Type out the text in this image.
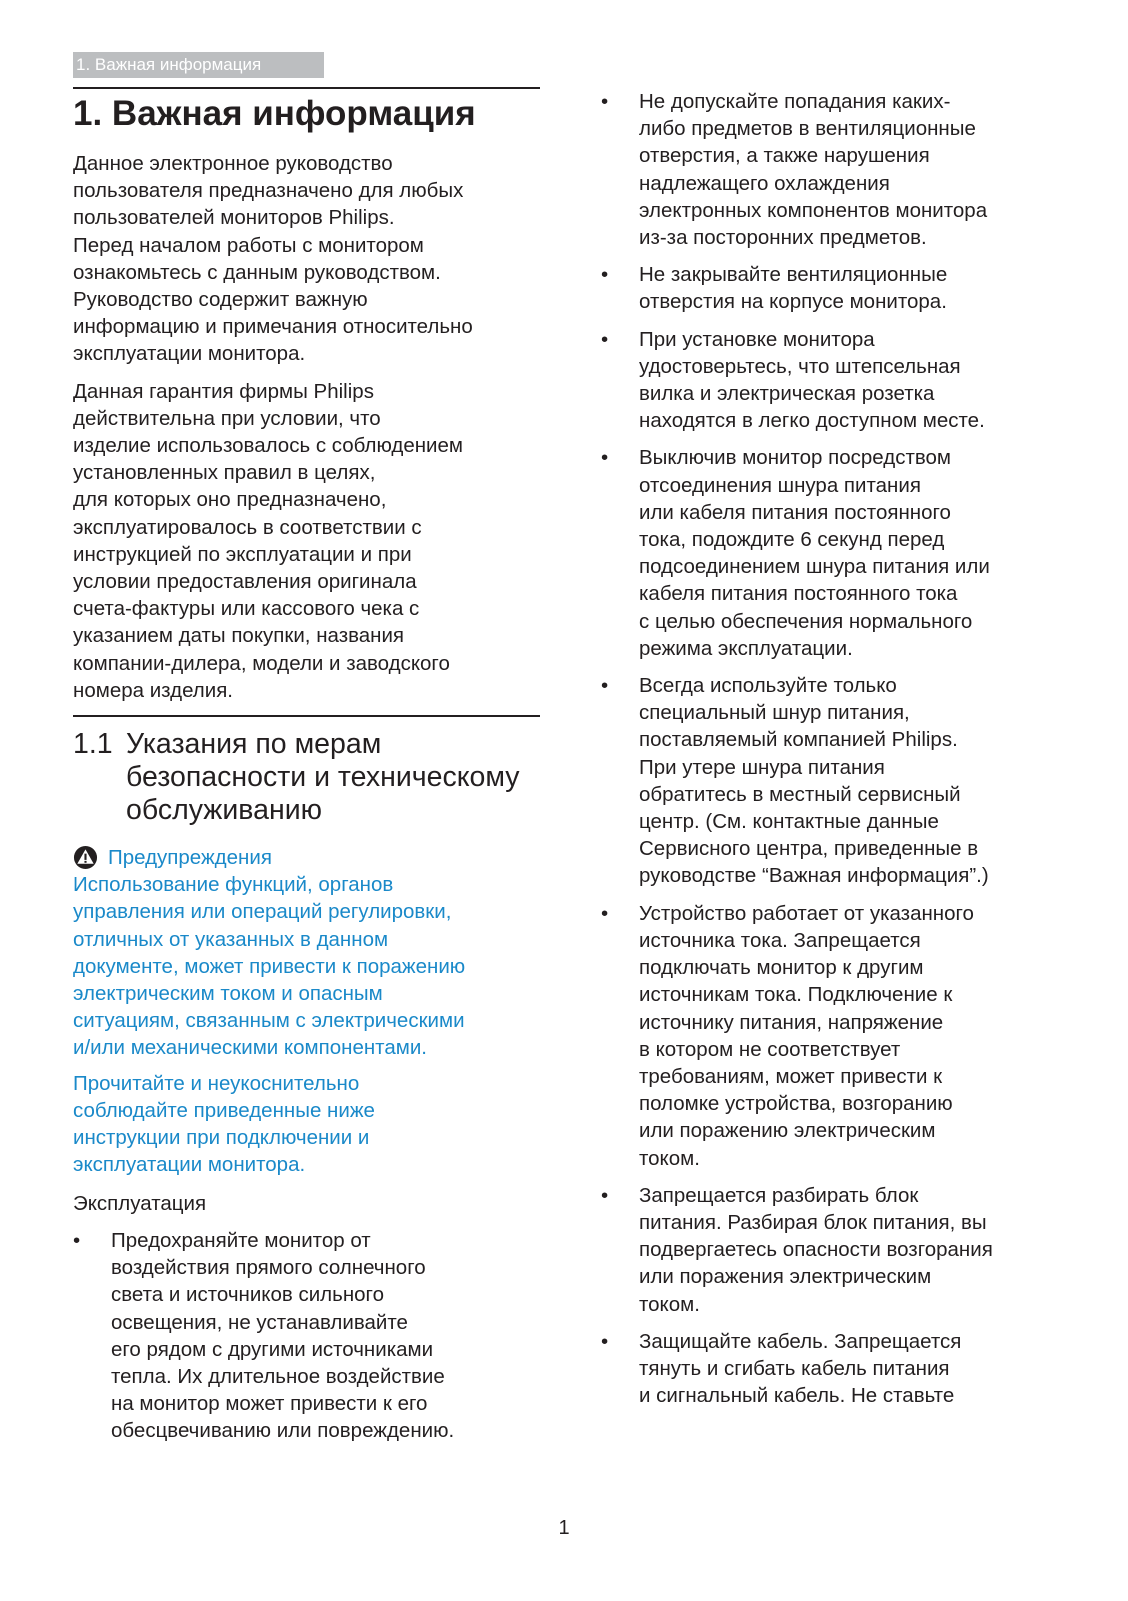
1. Важная информация
1. Важная информация

Данное электронное руководство
пользователя предназначено для любых
пользователей мониторов Philips.
Перед началом работы с монитором
ознакомьтесь с данным руководством.
Руководство содержит важную
информацию и примечания относительно
эксплуатации монитора.

Данная гарантия фирмы Philips
действительна при условии, что
изделие использовалось с соблюдением
установленных правил в целях,
для которых оно предназначено,
эксплуатировалось в соответствии с
инструкцией по эксплуатации и при
условии предоставления оригинала
счета-фактуры или кассового чека с
указанием даты покупки, названия
компании-дилера, модели и заводского
номера изделия.

1.1 Указания по мерам
безопасности и техническому
обслуживанию
Предупреждения

Использование функций, органов
управления или операций регулировки,
отличных от указанных в данном
документе, может привести к поражению
электрическим током и опасным
ситуациям, связанным с электрическими
и/или механическими компонентами.

Прочитайте и неукоснительно
соблюдайте приведенные ниже
инструкции при подключении и
эксплуатации монитора.

Эксплуатация
•	Предохраняйте монитор от
воздействия прямого солнечного
света и источников сильного
освещения, не устанавливайте
его рядом с другими источниками
тепла. Их длительное воздействие
на монитор может привести к его
обесцвечиванию или повреждению.
•	Не допускайте попадания каких-
либо предметов в вентиляционные
отверстия, а также нарушения
надлежащего охлаждения
электронных компонентов монитора
из-за посторонних предметов.
•	Не закрывайте вентиляционные
отверстия на корпусе монитора.
•	При установке монитора
удостоверьтесь, что штепсельная
вилка и электрическая розетка
находятся в легко доступном месте.
•	Выключив монитор посредством
отсоединения шнура питания
или кабеля питания постоянного
тока, подождите 6 секунд перед
подсоединением шнура питания или
кабеля питания постоянного тока
с целью обеспечения нормального
режима эксплуатации.
•	Всегда используйте только
специальный шнур питания,
поставляемый компанией Philips.
При утере шнура питания
обратитесь в местный сервисный
центр. (См. контактные данные
Сервисного центра, приведенные в
руководстве “Важная информация”.)
•	Устройство работает от указанного
источника тока. Запрещается
подключать монитор к другим
источникам тока. Подключение к
источнику питания, напряжение
в котором не соответствует
требованиям, может привести к
поломке устройства, возгоранию
или поражению электрическим
током.
•	Запрещается разбирать блок
питания. Разбирая блок питания, вы
подвергаетесь опасности возгорания
или поражения электрическим
током.
•	Защищайте кабель. Запрещается
тянуть и сгибать кабель питания
и сигнальный кабель. Не ставьте
1
